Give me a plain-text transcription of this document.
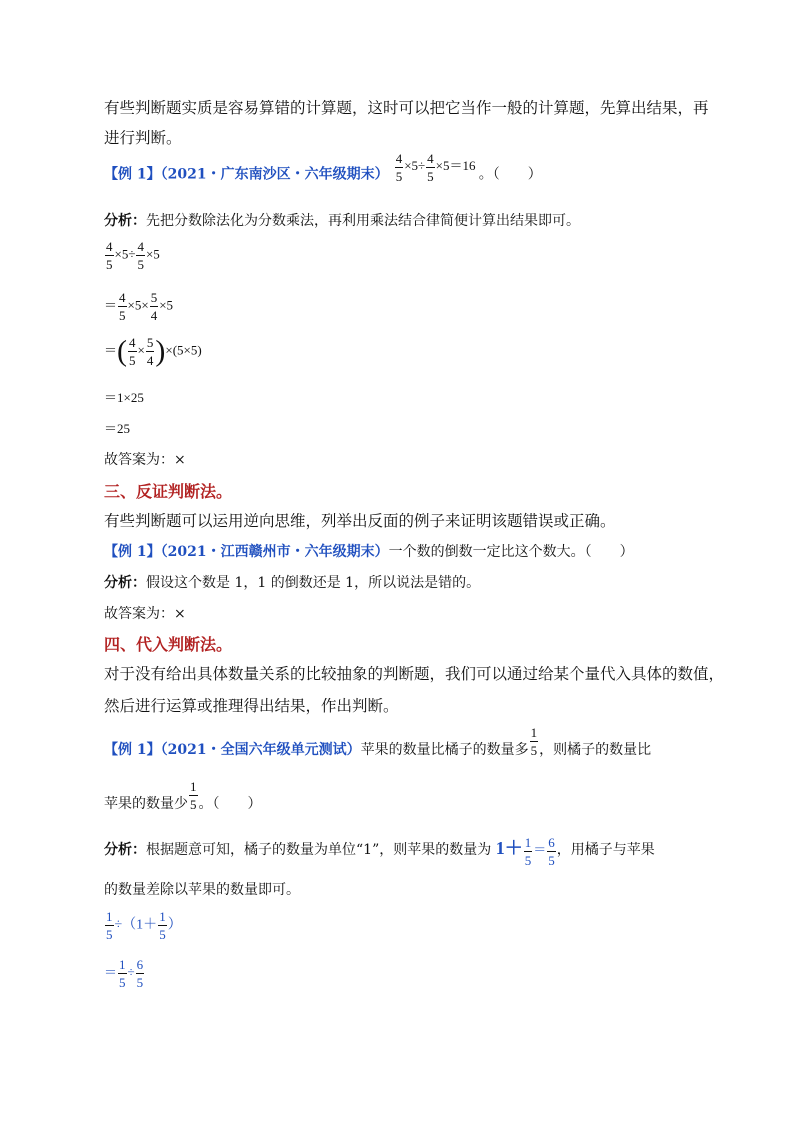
有些判断题实质是容易算错的计算题，这时可以把它当作一般的计算题，先算出结果，再
进行判断。
【例 1】（2021・广东南沙区・六年级期末） $^{\frac{4}{5} \times 5\div \frac{4}{5} \times 5=16}$ 。（　　）
分析：先把分数除法化为分数乘法，再利用乘法结合律简便计算出结果即可。
$\frac{4}{5} \times 5\div \frac{4}{5} \times 5$
＝ $\frac{4}{5} \times 5\times \frac{5}{4} \times 5$
＝( $\frac{4}{5} \times \frac{5}{4} )\times(5\times 5)$
＝1×25
＝25
故答案为：×
三、反证判断法。
有些判断题可以运用逆向思维，列举出反面的例子来证明该题错误或正确。
【例 1】（2021・江西赣州市・六年级期末）一个数的倒数一定比这个数大。（　　）
分析：假设这个数是 1，1 的倒数还是 1，所以说法是错的。
故答案为：×
四、代入判断法。
对于没有给出具体数量关系的比较抽象的判断题，我们可以通过给某个量代入具体的数值，
然后进行运算或推理得出结果，作出判断。
【例 1】（2021・全国六年级单元测试）苹果的数量比橘子的数量多 $\frac{1}{5}$ ，则橘子的数量比
苹果的数量少 $\frac{1}{5}$ 。（　　）
分析：根据题意可知，橘子的数量为单位“1”，则苹果的数量为 $1+ \frac{1}{5} = \frac{6}{5}$ ，用橘子与苹果
的数量差除以苹果的数量即可。
$\frac{1}{5} \div(1+ \frac{1}{5}$ ）
＝ $\frac{1}{5} \div \frac{6}{5}$
